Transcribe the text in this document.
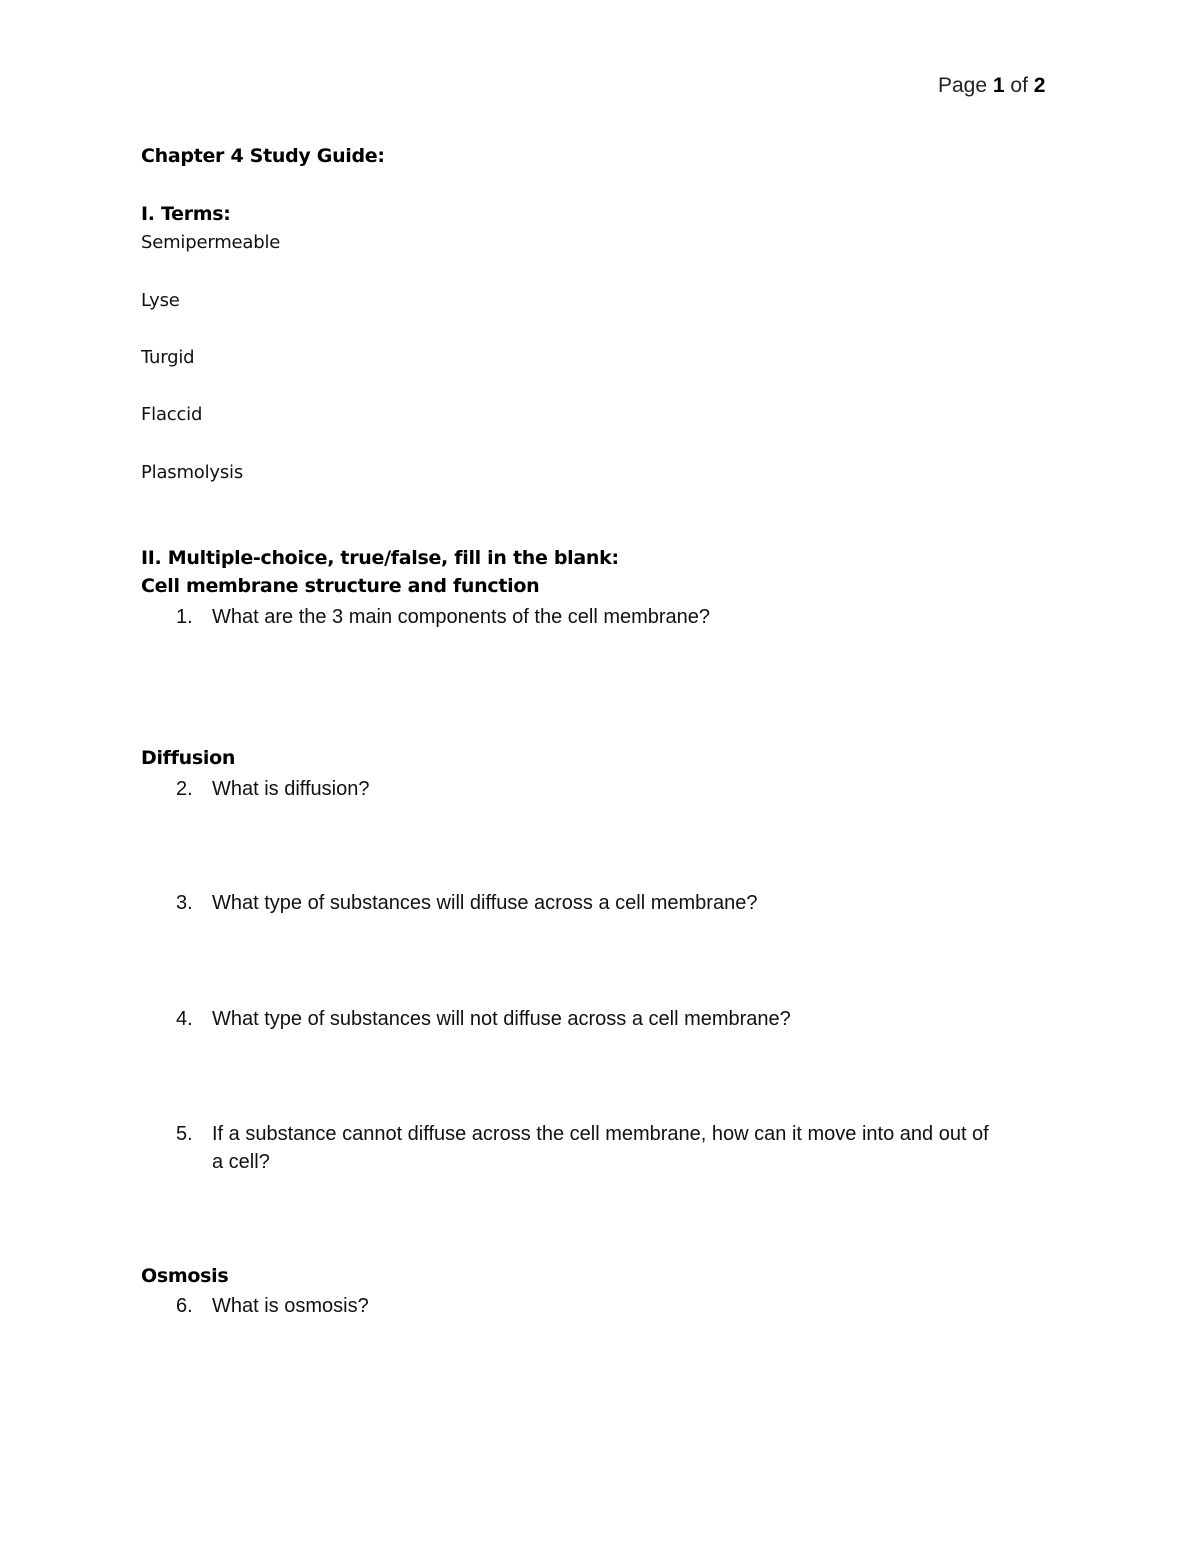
Page 1 of 2
Chapter 4 Study Guide:
I. Terms:
Semipermeable
Lyse
Turgid
Flaccid
Plasmolysis
II. Multiple-choice, true/false, fill in the blank:
Cell membrane structure and function
1. What are the 3 main components of the cell membrane?
Diffusion
2. What is diffusion?
3. What type of substances will diffuse across a cell membrane?
4. What type of substances will not diffuse across a cell membrane?
5. If a substance cannot diffuse across the cell membrane, how can it move into and out of
a cell?
Osmosis
6. What is osmosis?
